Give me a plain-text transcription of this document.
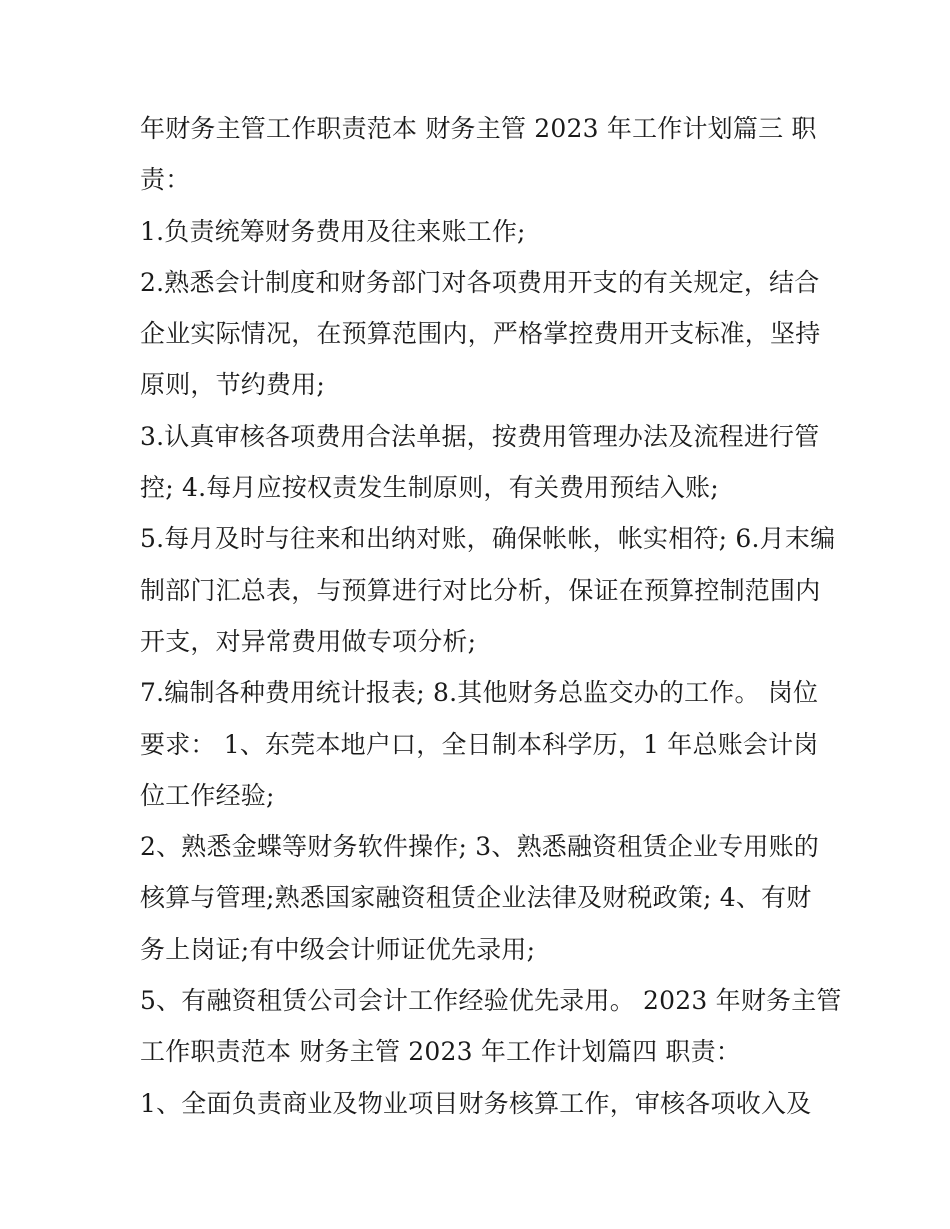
年财务主管工作职责范本 财务主管 2023 年工作计划篇三 职
责：
1.负责统筹财务费用及往来账工作;
2.熟悉会计制度和财务部门对各项费用开支的有关规定，结合
企业实际情况，在预算范围内，严格掌控费用开支标准，坚持
原则，节约费用;
3.认真审核各项费用合法单据，按费用管理办法及流程进行管
控; 4.每月应按权责发生制原则，有关费用预结入账;
5.每月及时与往来和出纳对账，确保帐帐，帐实相符; 6.月末编
制部门汇总表，与预算进行对比分析，保证在预算控制范围内
开支，对异常费用做专项分析;
7.编制各种费用统计报表; 8.其他财务总监交办的工作。 岗位
要求： 1、东莞本地户口，全日制本科学历，1 年总账会计岗
位工作经验;
2、熟悉金蝶等财务软件操作; 3、熟悉融资租赁企业专用账的
核算与管理;熟悉国家融资租赁企业法律及财税政策; 4、有财
务上岗证;有中级会计师证优先录用;
5、有融资租赁公司会计工作经验优先录用。 2023 年财务主管
工作职责范本 财务主管 2023 年工作计划篇四 职责：
1、全面负责商业及物业项目财务核算工作，审核各项收入及
